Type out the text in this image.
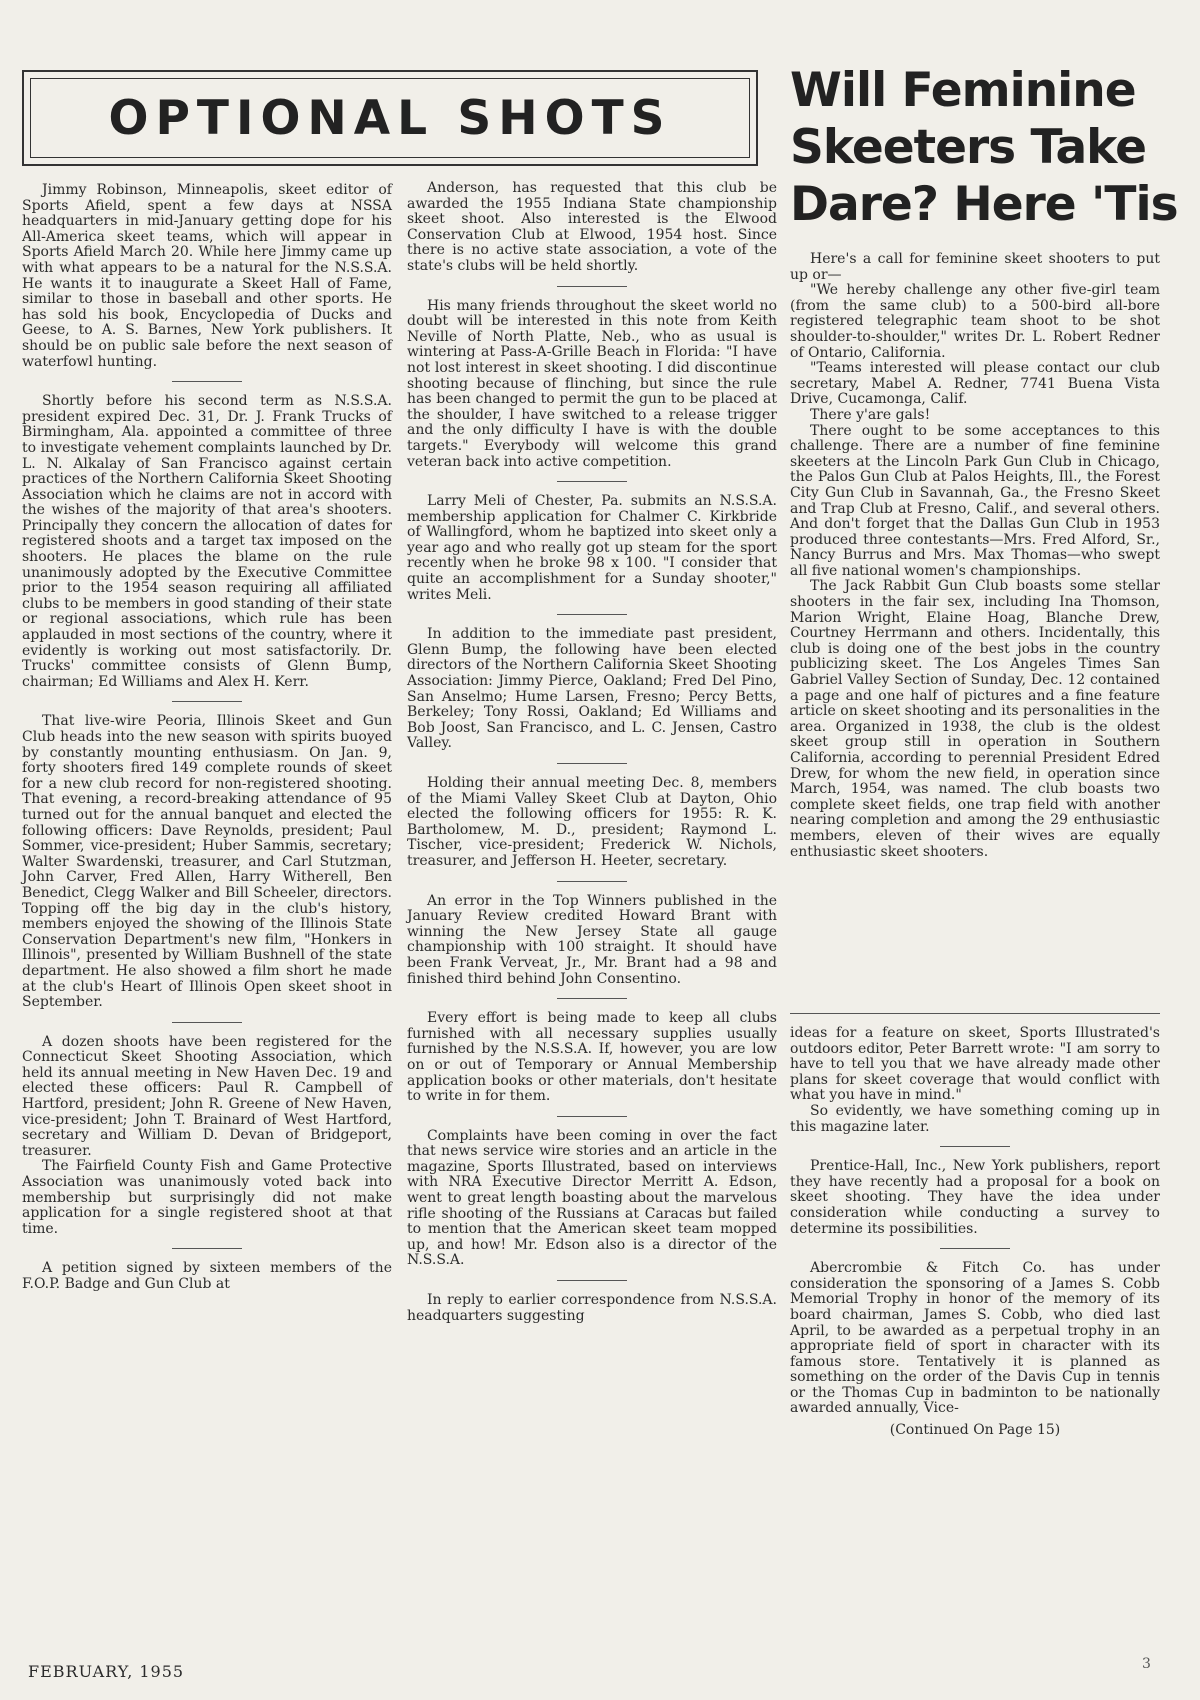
OPTIONAL SHOTS	Will Feminine Skeeters Take Dare? Here 'Tis

Jimmy Robinson, Minneapolis, skeet editor of Sports Afield, spent a few days at NSSA headquarters in mid-January getting dope for his All-America skeet teams, which will appear in Sports Afield March 20. While here Jimmy came up with what appears to be a natural for the N.S.S.A. He wants it to inaugurate a Skeet Hall of Fame, similar to those in baseball and other sports. He has sold his book, Encyclopedia of Ducks and Geese, to A. S. Barnes, New York publishers. It should be on public sale before the next season of waterfowl hunting.

Shortly before his second term as N.S.S.A. president expired Dec. 31, Dr. J. Frank Trucks of Birmingham, Ala. appointed a committee of three to investigate vehement complaints launched by Dr. L. N. Alkalay of San Francisco against certain practices of the Northern California Skeet Shooting Association which he claims are not in accord with the wishes of the majority of that area's shooters. Principally they concern the allocation of dates for registered shoots and a target tax imposed on the shooters. He places the blame on the rule unanimously adopted by the Executive Committee prior to the 1954 season requiring all affiliated clubs to be members in good standing of their state or regional associations, which rule has been applauded in most sections of the country, where it evidently is working out most satisfactorily. Dr. Trucks' committee consists of Glenn Bump, chairman; Ed Williams and Alex H. Kerr.

That live-wire Peoria, Illinois Skeet and Gun Club heads into the new season with spirits buoyed by constantly mounting enthusiasm. On Jan. 9, forty shooters fired 149 complete rounds of skeet for a new club record for non-registered shooting. That evening, a record-breaking attendance of 95 turned out for the annual banquet and elected the following officers: Dave Reynolds, president; Paul Sommer, vice-president; Huber Sammis, secretary; Walter Swardenski, treasurer, and Carl Stutzman, John Carver, Fred Allen, Harry Witherell, Ben Benedict, Clegg Walker and Bill Scheeler, directors. Topping off the big day in the club's history, members enjoyed the showing of the Illinois State Conservation Department's new film, "Honkers in Illinois", presented by William Bushnell of the state department. He also showed a film short he made at the club's Heart of Illinois Open skeet shoot in September.

A dozen shoots have been registered for the Connecticut Skeet Shooting Association, which held its annual meeting in New Haven Dec. 19 and elected these officers: Paul R. Campbell of Hartford, president; John R. Greene of New Haven, vice-president; John T. Brainard of West Hartford, secretary and William D. Devan of Bridgeport, treasurer.

The Fairfield County Fish and Game Protective Association was unanimously voted back into membership but surprisingly did not make application for a single registered shoot at that time.

A petition signed by sixteen members of the F.O.P. Badge and Gun Club at

Anderson, has requested that this club be awarded the 1955 Indiana State championship skeet shoot. Also interested is the Elwood Conservation Club at Elwood, 1954 host. Since there is no active state association, a vote of the state's clubs will be held shortly.

His many friends throughout the skeet world no doubt will be interested in this note from Keith Neville of North Platte, Neb., who as usual is wintering at Pass-A-Grille Beach in Florida: "I have not lost interest in skeet shooting. I did discontinue shooting because of flinching, but since the rule has been changed to permit the gun to be placed at the shoulder, I have switched to a release trigger and the only difficulty I have is with the double targets." Everybody will welcome this grand veteran back into active competition.

Larry Meli of Chester, Pa. submits an N.S.S.A. membership application for Chalmer C. Kirkbride of Wallingford, whom he baptized into skeet only a year ago and who really got up steam for the sport recently when he broke 98 x 100. "I consider that quite an accomplishment for a Sunday shooter," writes Meli.

In addition to the immediate past president, Glenn Bump, the following have been elected directors of the Northern California Skeet Shooting Association: Jimmy Pierce, Oakland; Fred Del Pino, San Anselmo; Hume Larsen, Fresno; Percy Betts, Berkeley; Tony Rossi, Oakland; Ed Williams and Bob Joost, San Francisco, and L. C. Jensen, Castro Valley.

Holding their annual meeting Dec. 8, members of the Miami Valley Skeet Club at Dayton, Ohio elected the following officers for 1955: R. K. Bartholomew, M. D., president; Raymond L. Tischer, vice-president; Frederick W. Nichols, treasurer, and Jefferson H. Heeter, secretary.

An error in the Top Winners published in the January Review credited Howard Brant with winning the New Jersey State all gauge championship with 100 straight. It should have been Frank Verveat, Jr., Mr. Brant had a 98 and finished third behind John Consentino.

Every effort is being made to keep all clubs furnished with all necessary supplies usually furnished by the N.S.S.A. If, however, you are low on or out of Temporary or Annual Membership application books or other materials, don't hesitate to write in for them.

Complaints have been coming in over the fact that news service wire stories and an article in the magazine, Sports Illustrated, based on interviews with NRA Executive Director Merritt A. Edson, went to great length boasting about the marvelous rifle shooting of the Russians at Caracas but failed to mention that the American skeet team mopped up, and how! Mr. Edson also is a director of the N.S.S.A.

In reply to earlier correspondence from N.S.S.A. headquarters suggesting

Here's a call for feminine skeet shooters to put up or—

"We hereby challenge any other five-girl team (from the same club) to a 500-bird all-bore registered telegraphic team shoot to be shot shoulder-to-shoulder," writes Dr. L. Robert Redner of Ontario, California.

"Teams interested will please contact our club secretary, Mabel A. Redner, 7741 Buena Vista Drive, Cucamonga, Calif.

There y'are gals!

There ought to be some acceptances to this challenge. There are a number of fine feminine skeeters at the Lincoln Park Gun Club in Chicago, the Palos Gun Club at Palos Heights, Ill., the Forest City Gun Club in Savannah, Ga., the Fresno Skeet and Trap Club at Fresno, Calif., and several others. And don't forget that the Dallas Gun Club in 1953 produced three contestants—Mrs. Fred Alford, Sr., Nancy Burrus and Mrs. Max Thomas—who swept all five national women's championships.

The Jack Rabbit Gun Club boasts some stellar shooters in the fair sex, including Ina Thomson, Marion Wright, Elaine Hoag, Blanche Drew, Courtney Herrmann and others. Incidentally, this club is doing one of the best jobs in the country publicizing skeet. The Los Angeles Times San Gabriel Valley Section of Sunday, Dec. 12 contained a page and one half of pictures and a fine feature article on skeet shooting and its personalities in the area. Organized in 1938, the club is the oldest skeet group still in operation in Southern California, according to perennial President Edred Drew, for whom the new field, in operation since March, 1954, was named. The club boasts two complete skeet fields, one trap field with another nearing completion and among the 29 enthusiastic members, eleven of their wives are equally enthusiastic skeet shooters.

ideas for a feature on skeet, Sports Illustrated's outdoors editor, Peter Barrett wrote: "I am sorry to have to tell you that we have already made other plans for skeet coverage that would conflict with what you have in mind."

So evidently, we have something coming up in this magazine later.

Prentice-Hall, Inc., New York publishers, report they have recently had a proposal for a book on skeet shooting. They have the idea under consideration while conducting a survey to determine its possibilities.

Abercrombie & Fitch Co. has under consideration the sponsoring of a James S. Cobb Memorial Trophy in honor of the memory of its board chairman, James S. Cobb, who died last April, to be awarded as a perpetual trophy in an appropriate field of sport in character with its famous store. Tentatively it is planned as something on the order of the Davis Cup in tennis or the Thomas Cup in badminton to be nationally awarded annually, Vice-

(Continued On Page 15)

FEBRUARY, 1955	3
